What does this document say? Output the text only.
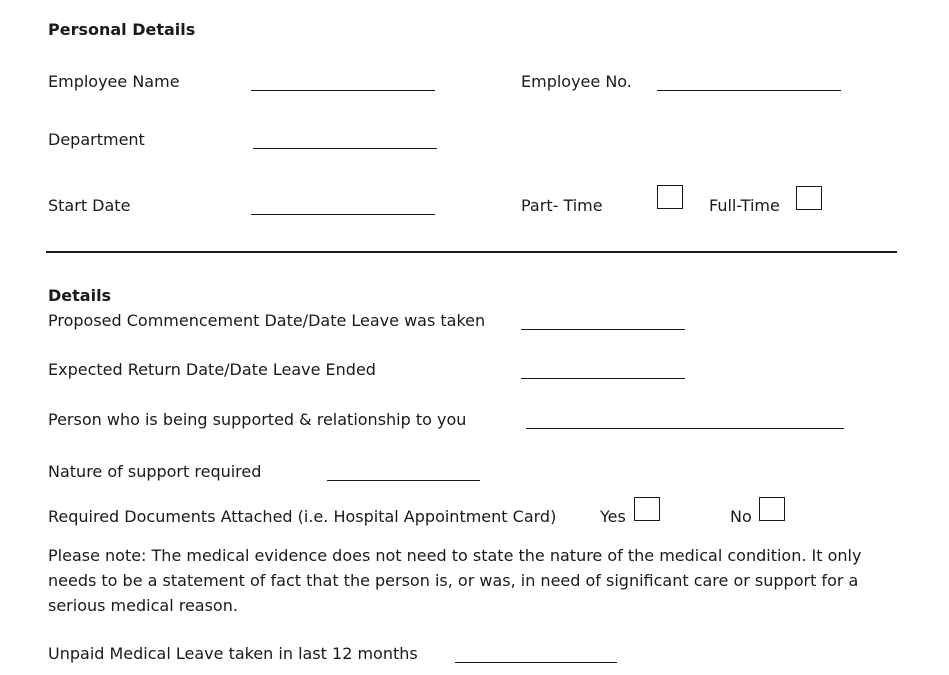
Personal Details
Employee Name	Employee No.
Department
Start Date	Part- Time	Full-Time
Details
Proposed Commencement Date/Date Leave was taken
Expected Return Date/Date Leave Ended
Person who is being supported & relationship to you
Nature of support required
Required Documents Attached (i.e. Hospital Appointment Card)	Yes	No
Please note: The medical evidence does not need to state the nature of the medical condition. It only needs to be a statement of fact that the person is, or was, in need of significant care or support for a serious medical reason.
Unpaid Medical Leave taken in last 12 months
